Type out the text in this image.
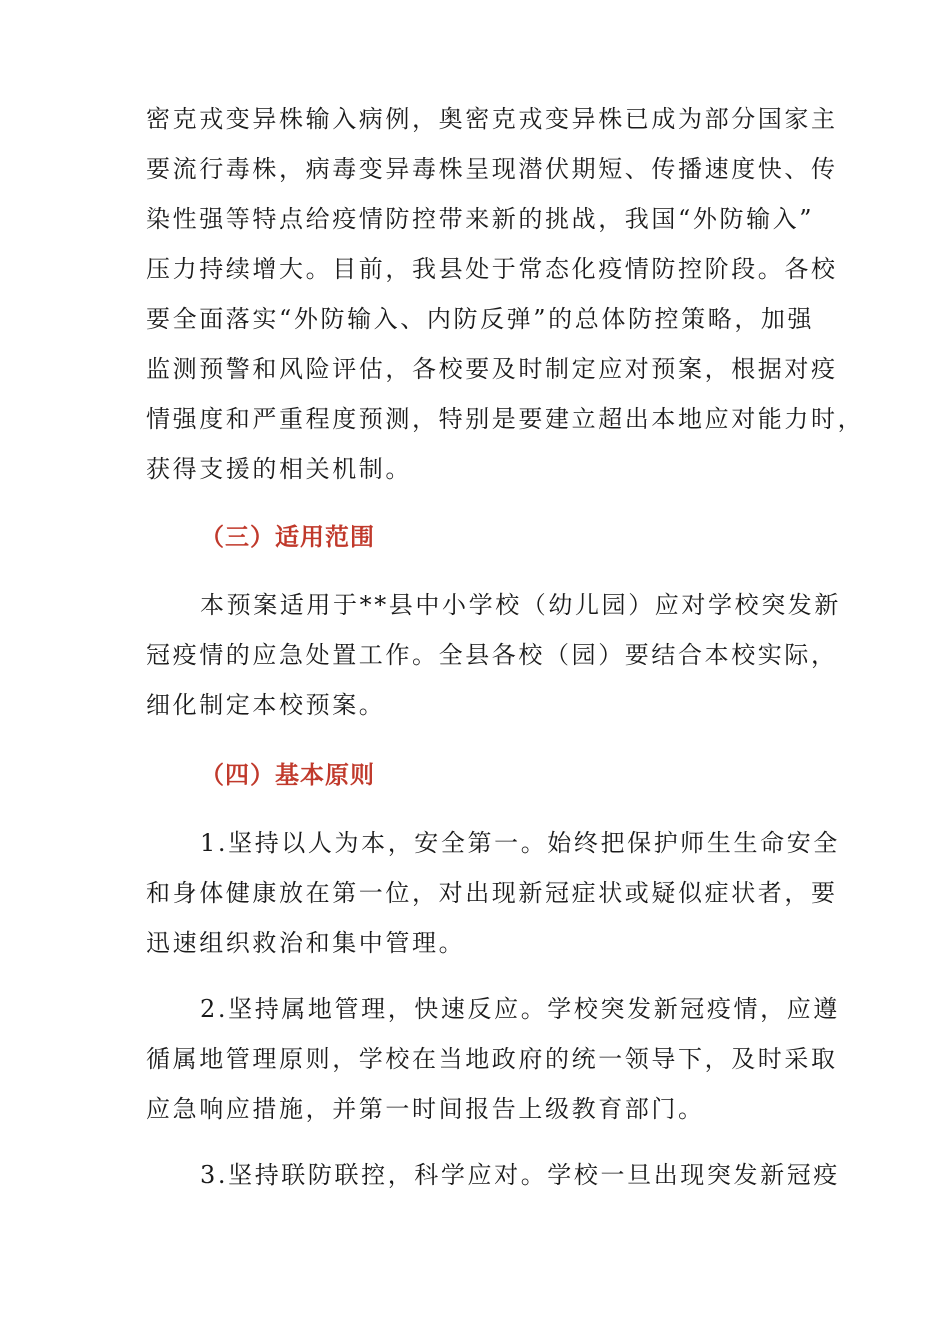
密克戎变异株输入病例，奥密克戎变异株已成为部分国家主
要流行毒株，病毒变异毒株呈现潜伏期短、传播速度快、传
染性强等特点给疫情防控带来新的挑战，我国“外防输入”
压力持续增大。目前，我县处于常态化疫情防控阶段。各校
要全面落实“外防输入、内防反弹”的总体防控策略，加强
监测预警和风险评估，各校要及时制定应对预案，根据对疫
情强度和严重程度预测，特别是要建立超出本地应对能力时，
获得支援的相关机制。
（三）适用范围
本预案适用于**县中小学校（幼儿园）应对学校突发新
冠疫情的应急处置工作。全县各校（园）要结合本校实际，
细化制定本校预案。
（四）基本原则
1.坚持以人为本，安全第一。始终把保护师生生命安全
和身体健康放在第一位，对出现新冠症状或疑似症状者，要
迅速组织救治和集中管理。
2.坚持属地管理，快速反应。学校突发新冠疫情，应遵
循属地管理原则，学校在当地政府的统一领导下，及时采取
应急响应措施，并第一时间报告上级教育部门。
3.坚持联防联控，科学应对。学校一旦出现突发新冠疫
